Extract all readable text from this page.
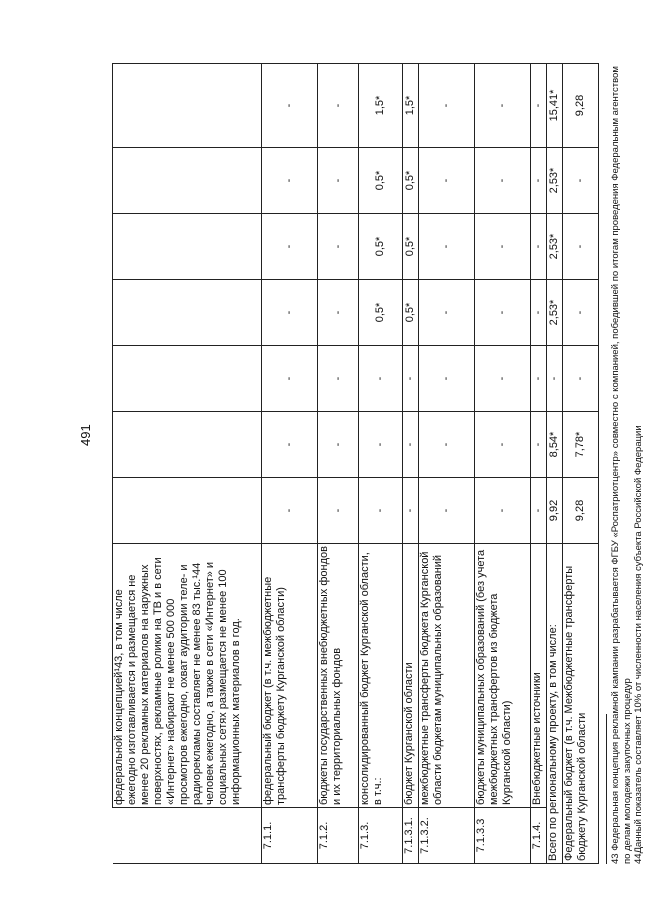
491
	федеральной концепцией¹43, в том числе ежегодно изготавливается и размещается не менее 20 рекламных материалов на наружных поверхностях, рекламные ролики на ТВ и в сети «Интернет» набирают не менее 500 000 просмотров ежегодно, охват аудитории теле- и радиорекламы составляет не менее 83 тыс.¹44 человек ежегодно, а также в сети «Интернет» и социальных сетях размещается не менее 100 информационных материалов в год.							
7.1.1.	федеральный бюджет (в т.ч. межбюджетные трансферты бюджету Курганской области)	-	-	-	-	-	-	-
7.1.2.	бюджеты государственных внебюджетных фондов и их территориальных фондов	-	-	-	-	-	-	-
7.1.3.	консолидированный бюджет Курганской области, в т.ч.:	-	-	-	0,5*	0,5*	0,5*	1,5*
7.1.3.1.	бюджет Курганской области	-	-	-	0,5*	0,5*	0,5*	1,5*
7.1.3.2.	межбюджетные трансферты бюджета Курганской области бюджетам муниципальных образований	-	-	-	-	-	-	-
7.1.3.3	бюджеты муниципальных образований (без учета межбюджетных трансфертов из бюджета Курганской области)	-	-	-	-	-	-	-
7.1.4.	Внебюджетные источники	-	-	-	-	-	-	-
Всего по региональному проекту, в том числе:		9,92	8,54*	-	2,53*	2,53*	2,53*	15,41*
Федеральный бюджет (в т.ч. Межбюджетные трансферты бюджету Курганской области		9,28	7,78*	-	-	-	-	9,28	43 Федеральная концепция рекламной кампании разрабатывается ФГБУ «Роспатриотцентр» совместно с компанией, победившей по итогам проведения Федеральным агентством по делам молодежи закупочных процедур 44Данный показатель составляет 10% от численности населения субъекта Российской Федерации
